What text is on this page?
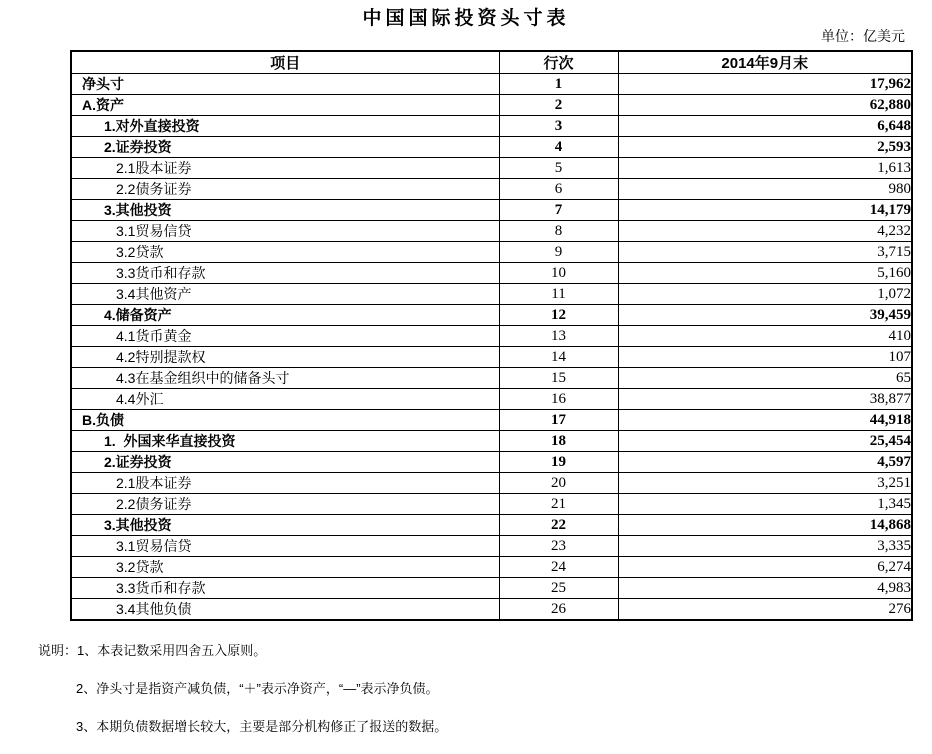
中国国际投资头寸表
单位：亿美元
项目	行次	2014年9月末
净头寸	1	17,962
A.资产	2	62,880
1.对外直接投资	3	6,648
2.证券投资	4	2,593
2.1股本证券	5	1,613
2.2债务证券	6	980
3.其他投资	7	14,179
3.1贸易信贷	8	4,232
3.2贷款	9	3,715
3.3货币和存款	10	5,160
3.4其他资产	11	1,072
4.储备资产	12	39,459
4.1货币黄金	13	410
4.2特别提款权	14	107
4.3在基金组织中的储备头寸	15	65
4.4外汇	16	38,877
B.负债	17	44,918
1.  外国来华直接投资	18	25,454
2.证券投资	19	4,597
2.1股本证券	20	3,251
2.2债务证券	21	1,345
3.其他投资	22	14,868
3.1贸易信贷	23	3,335
3.2贷款	24	6,274
3.3货币和存款	25	4,983
3.4其他负债	26	276
说明：1、本表记数采用四舍五入原则。
2、净头寸是指资产减负债，“＋”表示净资产，“—”表示净负债。
3、本期负债数据增长较大，主要是部分机构修正了报送的数据。
